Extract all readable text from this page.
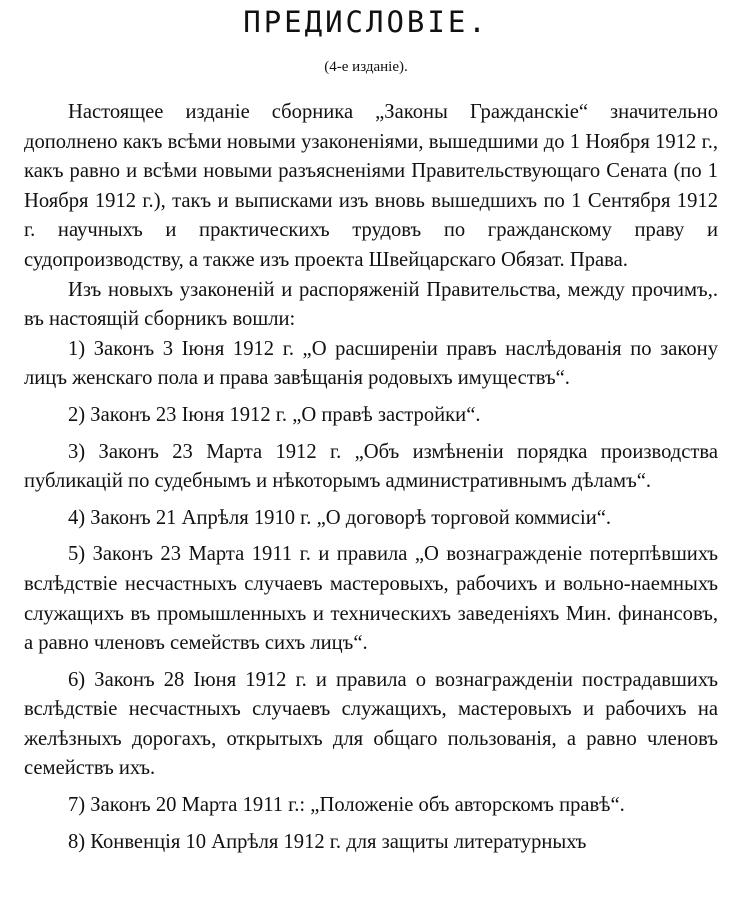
ПРЕДИСЛОВІЕ.
(4-е изданіе).

Настоящее изданіе сборника „Законы Гражданскіе“ значительно дополнено какъ всѣми новыми узаконеніями, вышедшими до 1 Ноября 1912 г., какъ равно и всѣми новыми разъясненіями Правительствующаго Сената (по 1 Ноября 1912 г.), такъ и выписками изъ вновь вышедшихъ по 1 Сентября 1912 г. научныхъ и практическихъ трудовъ по гражданскому праву и судопроизводству, а также изъ проекта Швейцарскаго Обязат. Права.

Изъ новыхъ узаконеній и распоряженій Правительства, между прочимъ,. въ настоящій сборникъ вошли:

1) Законъ 3 Іюня 1912 г. „О расширеніи правъ наслѣдованія по закону лицъ женскаго пола и права завѣщанія родовыхъ имуществъ“.

2) Законъ 23 Іюня 1912 г. „О правѣ застройки“.

3) Законъ 23 Марта 1912 г. „Объ измѣненіи порядка производства публикацій по судебнымъ и нѣкоторымъ административнымъ дѣламъ“.

4) Законъ 21 Апрѣля 1910 г. „О договорѣ торговой коммисіи“.

5) Законъ 23 Марта 1911 г. и правила „О вознагражденіе потерпѣвшихъ вслѣдствіе несчастныхъ случаевъ мастеровыхъ, рабочихъ и вольно-наемныхъ служащихъ въ промышленныхъ и техническихъ заведеніяхъ Мин. финансовъ, а равно членовъ семействъ сихъ лицъ“.

6) Законъ 28 Іюня 1912 г. и правила о вознагражденіи пострадавшихъ вслѣдствіе несчастныхъ случаевъ служащихъ, мастеровыхъ и рабочихъ на желѣзныхъ дорогахъ, открытыхъ для общаго пользованія, а равно членовъ семействъ ихъ.

7) Законъ 20 Марта 1911 г.: „Положеніе объ авторскомъ правѣ“.

8) Конвенція 10 Апрѣля 1912 г. для защиты литературныхъ
